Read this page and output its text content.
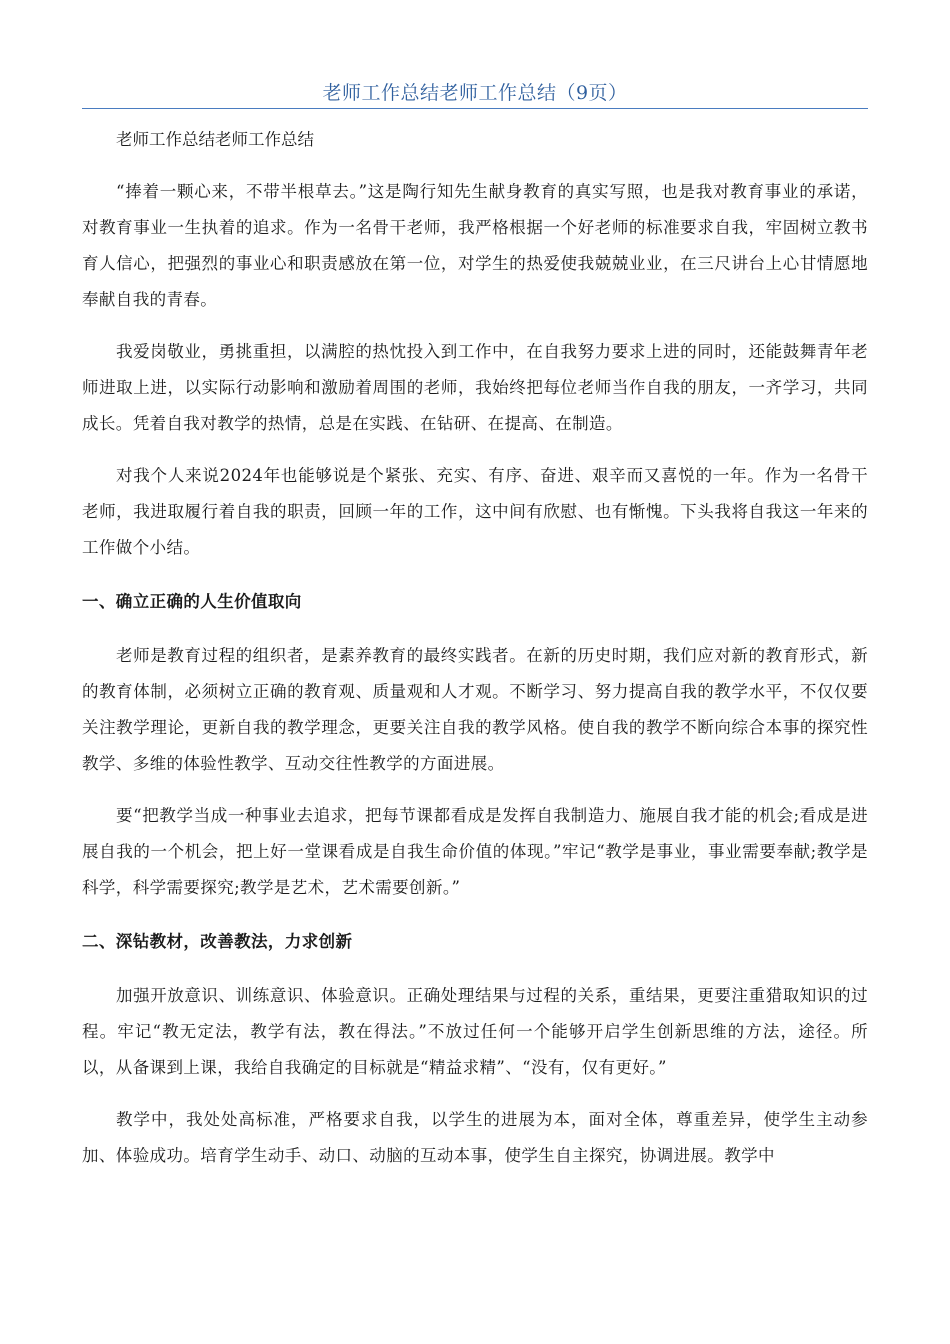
老师工作总结老师工作总结（9页）

老师工作总结老师工作总结

“捧着一颗心来，不带半根草去。”这是陶行知先生献身教育的真实写照，也是我对教育事业的承诺，对教育事业一生执着的追求。作为一名骨干老师，我严格根据一个好老师的标准要求自我，牢固树立教书育人信心，把强烈的事业心和职责感放在第一位，对学生的热爱使我兢兢业业，在三尺讲台上心甘情愿地奉献自我的青春。

我爱岗敬业，勇挑重担，以满腔的热忱投入到工作中，在自我努力要求上进的同时，还能鼓舞青年老师进取上进，以实际行动影响和激励着周围的老师，我始终把每位老师当作自我的朋友，一齐学习，共同成长。凭着自我对教学的热情，总是在实践、在钻研、在提高、在制造。

对我个人来说2024年也能够说是个紧张、充实、有序、奋进、艰辛而又喜悦的一年。作为一名骨干老师，我进取履行着自我的职责，回顾一年的工作，这中间有欣慰、也有惭愧。下头我将自我这一年来的工作做个小结。

一、确立正确的人生价值取向

老师是教育过程的组织者，是素养教育的最终实践者。在新的历史时期，我们应对新的教育形式，新的教育体制，必须树立正确的教育观、质量观和人才观。不断学习、努力提高自我的教学水平，不仅仅要关注教学理论，更新自我的教学理念，更要关注自我的教学风格。使自我的教学不断向综合本事的探究性教学、多维的体验性教学、互动交往性教学的方面进展。

要“把教学当成一种事业去追求，把每节课都看成是发挥自我制造力、施展自我才能的机会;看成是进展自我的一个机会，把上好一堂课看成是自我生命价值的体现。”牢记“教学是事业，事业需要奉献;教学是科学，科学需要探究;教学是艺术，艺术需要创新。”

二、深钻教材，改善教法，力求创新

加强开放意识、训练意识、体验意识。正确处理结果与过程的关系，重结果，更要注重猎取知识的过程。牢记“教无定法，教学有法，教在得法。”不放过任何一个能够开启学生创新思维的方法，途径。所以，从备课到上课，我给自我确定的目标就是“精益求精”、“没有，仅有更好。”

教学中，我处处高标准，严格要求自我，以学生的进展为本，面对全体，尊重差异，使学生主动参加、体验成功。培育学生动手、动口、动脑的互动本事，使学生自主探究，协调进展。教学中
